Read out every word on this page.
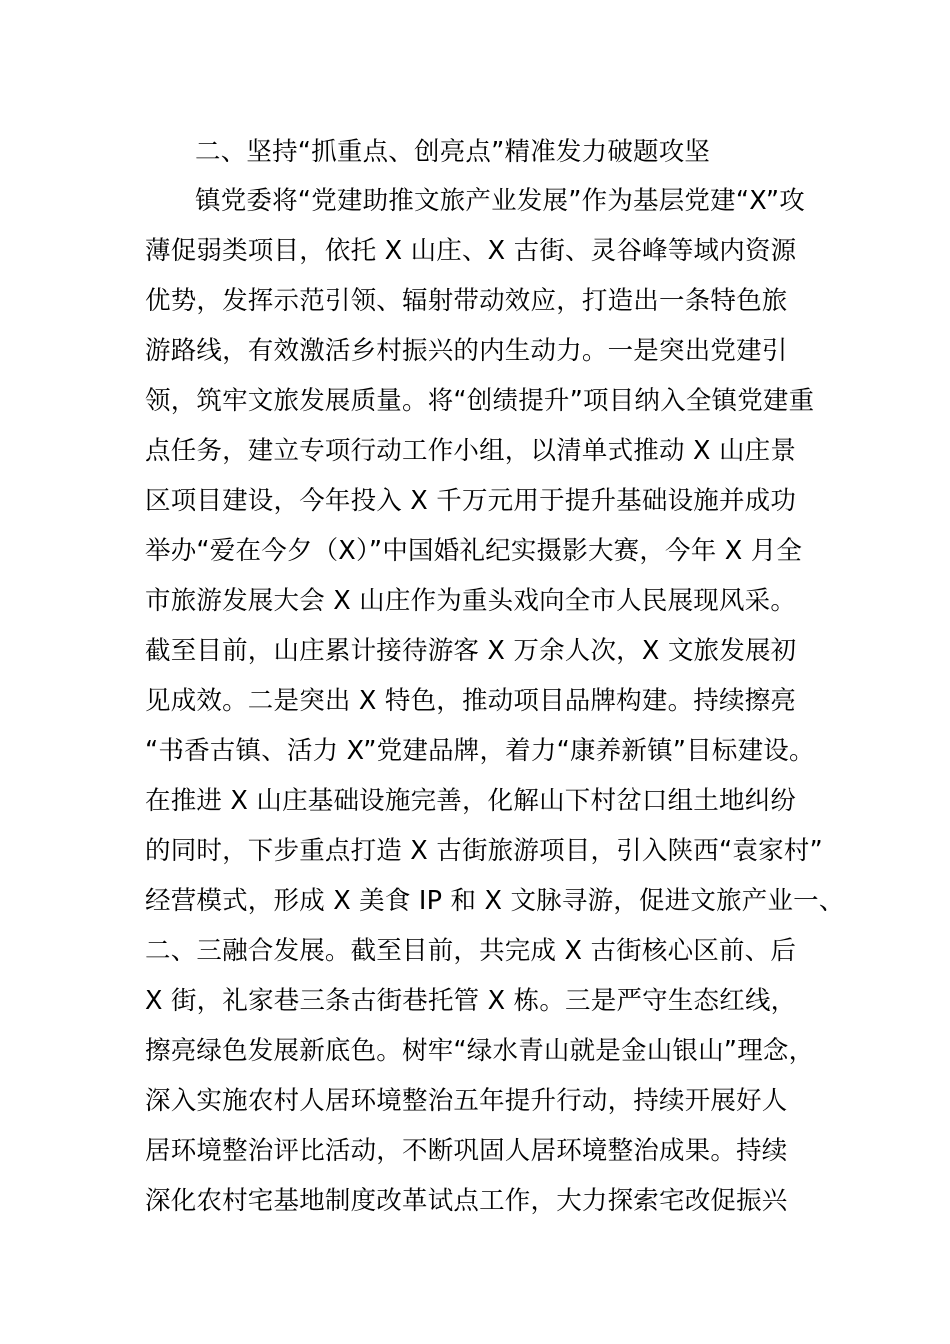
二、坚持“抓重点、创亮点”精准发力破题攻坚
镇党委将“党建助推文旅产业发展”作为基层党建“X”攻
薄促弱类项目，依托 X 山庄、X 古街、灵谷峰等域内资源
优势，发挥示范引领、辐射带动效应，打造出一条特色旅
游路线，有效激活乡村振兴的内生动力。一是突出党建引
领，筑牢文旅发展质量。将“创绩提升”项目纳入全镇党建重
点任务，建立专项行动工作小组，以清单式推动 X 山庄景
区项目建设，今年投入 X 千万元用于提升基础设施并成功
举办“爱在今夕（X）”中国婚礼纪实摄影大赛，今年 X 月全
市旅游发展大会 X 山庄作为重头戏向全市人民展现风采。
截至目前，山庄累计接待游客 X 万余人次，X 文旅发展初
见成效。二是突出 X 特色，推动项目品牌构建。持续擦亮
“书香古镇、活力 X”党建品牌，着力“康养新镇”目标建设。
在推进 X 山庄基础设施完善，化解山下村岔口组土地纠纷
的同时，下步重点打造 X 古街旅游项目，引入陕西“袁家村”
经营模式，形成 X 美食 IP 和 X 文脉寻游，促进文旅产业一、
二、三融合发展。截至目前，共完成 X 古街核心区前、后
X 街，礼家巷三条古街巷托管 X 栋。三是严守生态红线，
擦亮绿色发展新底色。树牢“绿水青山就是金山银山”理念，
深入实施农村人居环境整治五年提升行动，持续开展好人
居环境整治评比活动，不断巩固人居环境整治成果。持续
深化农村宅基地制度改革试点工作，大力探索宅改促振兴
